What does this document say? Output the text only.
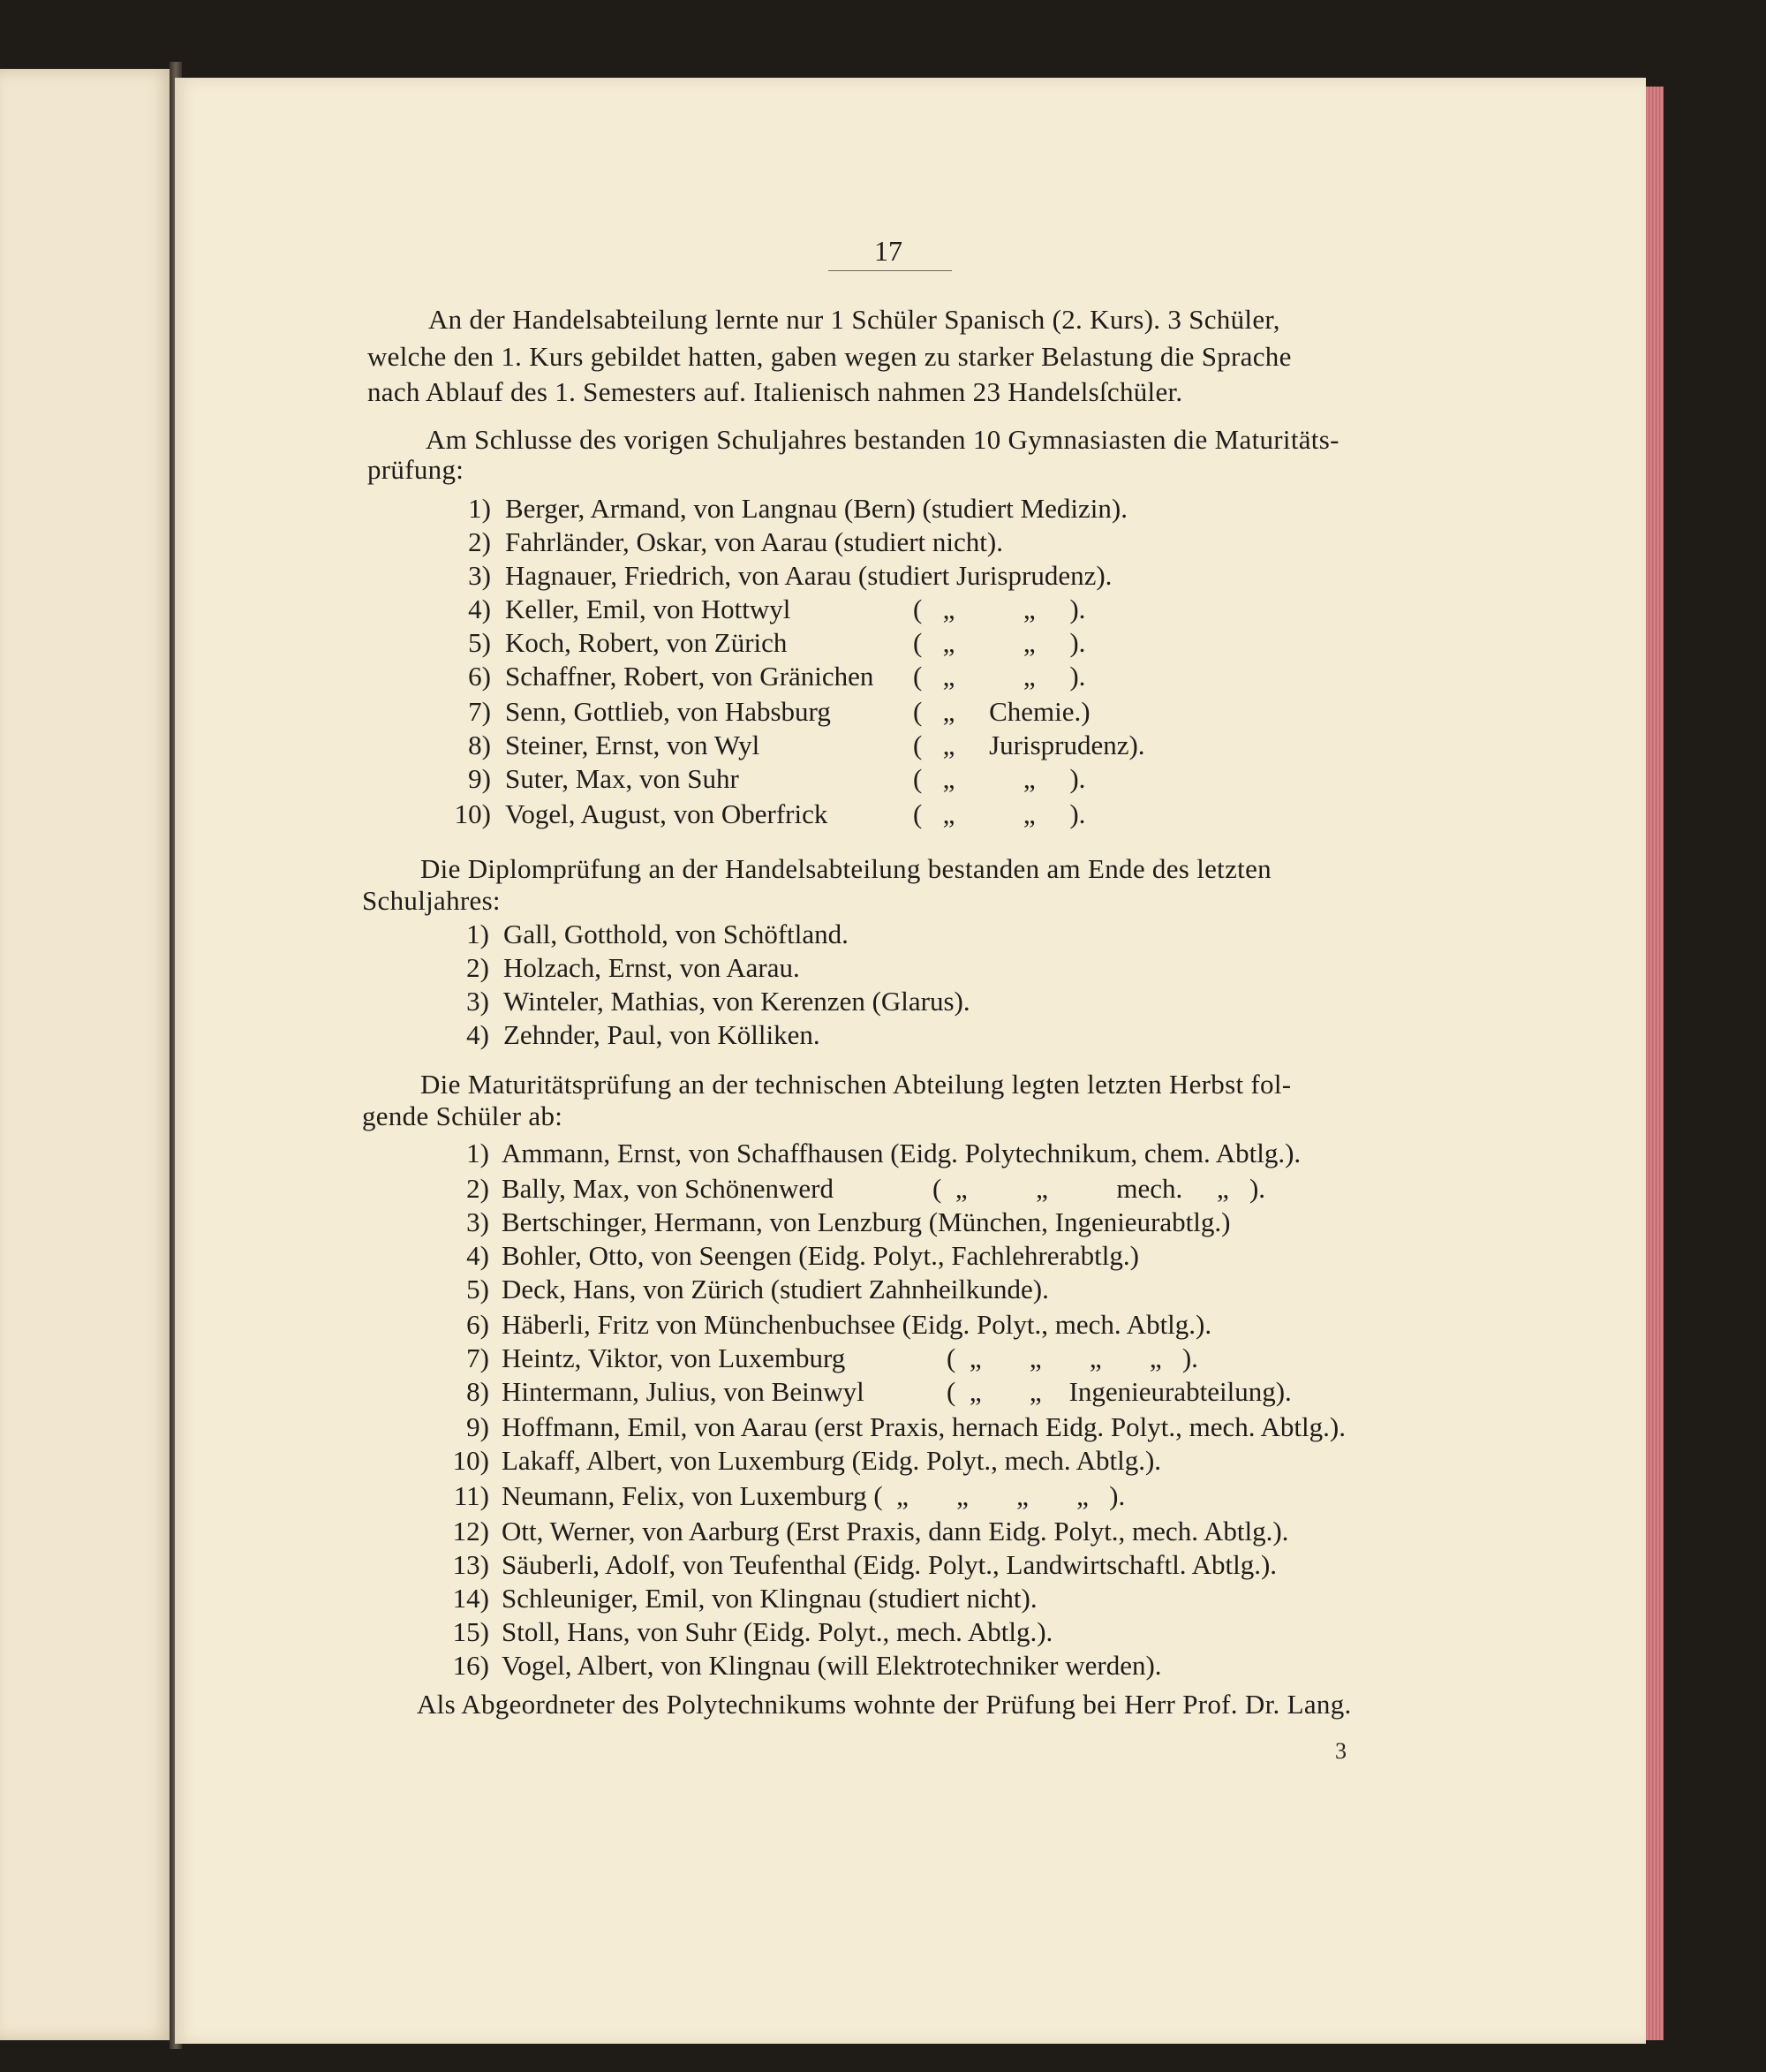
17
An der Handelsabteilung lernte nur 1 Schüler Spanisch (2. Kurs). 3 Schüler,
welche den 1. Kurs gebildet hatten, gaben wegen zu starker Belastung die Sprache
nach Ablauf des 1. Semesters auf. Italienisch nahmen 23 Handelsſchüler.
Am Schlusse des vorigen Schuljahres bestanden 10 Gymnasiasten die Maturitäts-
prüfung:
1) Berger, Armand, von Langnau (Bern) (studiert Medizin).
2) Fahrländer, Oskar, von Aarau (studiert nicht).
3) Hagnauer, Friedrich, von Aarau (studiert Jurisprudenz).
4) Keller, Emil, von Hottwyl	(   „          „     ).
5) Koch, Robert, von Zürich	(   „          „     ).
6) Schaffner, Robert, von Gränichen (   „          „     ).
7) Senn, Gottlieb, von Habsburg	(   „     Chemie.)
8) Steiner, Ernst, von Wyl	(   „     Jurisprudenz).
9) Suter, Max, von Suhr	(   „          „     ).
10) Vogel, August, von Oberfrick	(   „          „     ).
Die Diplomprüfung an der Handelsabteilung bestanden am Ende des letzten
Schuljahres:
1) Gall, Gotthold, von Schöftland.
2) Holzach, Ernst, von Aarau.
3) Winteler, Mathias, von Kerenzen (Glarus).
4) Zehnder, Paul, von Kölliken.
Die Maturitätsprüfung an der technischen Abteilung legten letzten Herbst fol-
gende Schüler ab:
1) Ammann, Ernst, von Schaffhausen (Eidg. Polytechnikum, chem. Abtlg.).
2) Bally, Max, von Schönenwerd	(  „          „          mech.     „   ).
3) Bertschinger, Hermann, von Lenzburg (München, Ingenieurabtlg.)
4) Bohler, Otto, von Seengen (Eidg. Polyt., Fachlehrerabtlg.)
5) Deck, Hans, von Zürich (studiert Zahnheilkunde).
6) Häberli, Fritz von Münchenbuchsee (Eidg. Polyt., mech. Abtlg.).
7) Heintz, Viktor, von Luxemburg	(  „       „       „       „   ).
8) Hintermann, Julius, von Beinwyl	(  „       „    Ingenieurabteilung).
9) Hoffmann, Emil, von Aarau (erst Praxis, hernach Eidg. Polyt., mech. Abtlg.).
10) Lakaff, Albert, von Luxemburg (Eidg. Polyt., mech. Abtlg.).
11) Neumann, Felix, von Luxemburg (  „       „       „       „   ).
12) Ott, Werner, von Aarburg (Erst Praxis, dann Eidg. Polyt., mech. Abtlg.).
13) Säuberli, Adolf, von Teufenthal (Eidg. Polyt., Landwirtschaftl. Abtlg.).
14) Schleuniger, Emil, von Klingnau (studiert nicht).
15) Stoll, Hans, von Suhr (Eidg. Polyt., mech. Abtlg.).
16) Vogel, Albert, von Klingnau (will Elektrotechniker werden).
Als Abgeordneter des Polytechnikums wohnte der Prüfung bei Herr Prof. Dr. Lang.
3
